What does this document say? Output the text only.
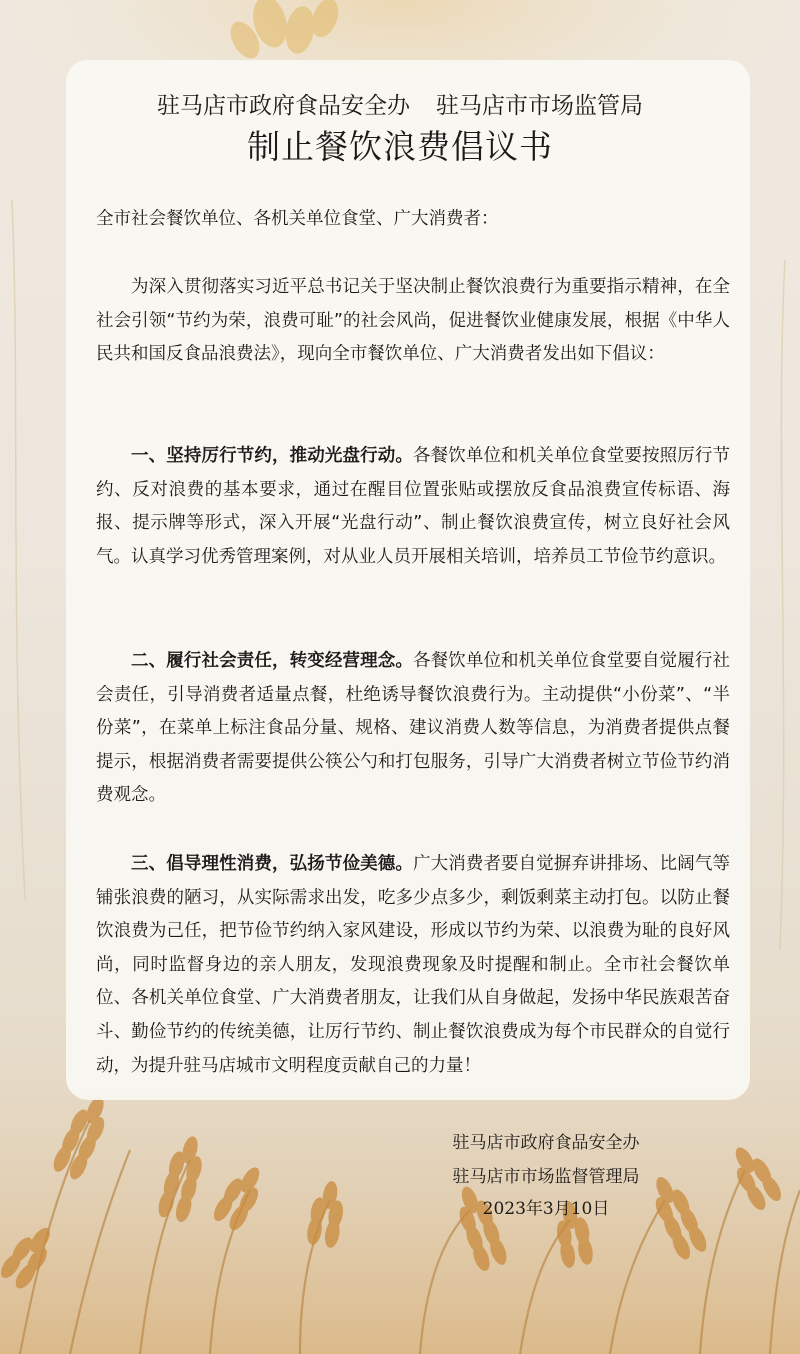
驻马店市政府食品安全办 驻马店市市场监管局
制止餐饮浪费倡议书

全市社会餐饮单位、各机关单位食堂、广大消费者：

为深入贯彻落实习近平总书记关于坚决制止餐饮浪费行为重要指示精神，在全社会引领“节约为荣，浪费可耻”的社会风尚，促进餐饮业健康发展，根据《中华人民共和国反食品浪费法》，现向全市餐饮单位、广大消费者发出如下倡议：

一、坚持厉行节约，推动光盘行动。各餐饮单位和机关单位食堂要按照厉行节约、反对浪费的基本要求，通过在醒目位置张贴或摆放反食品浪费宣传标语、海报、提示牌等形式，深入开展“光盘行动”、制止餐饮浪费宣传，树立良好社会风气。认真学习优秀管理案例，对从业人员开展相关培训，培养员工节俭节约意识。

二、履行社会责任，转变经营理念。各餐饮单位和机关单位食堂要自觉履行社会责任，引导消费者适量点餐，杜绝诱导餐饮浪费行为。主动提供“小份菜”、“半份菜”，在菜单上标注食品分量、规格、建议消费人数等信息，为消费者提供点餐提示，根据消费者需要提供公筷公勺和打包服务，引导广大消费者树立节俭节约消费观念。

三、倡导理性消费，弘扬节俭美德。广大消费者要自觉摒弃讲排场、比阔气等铺张浪费的陋习，从实际需求出发，吃多少点多少，剩饭剩菜主动打包。以防止餐饮浪费为己任，把节俭节约纳入家风建设，形成以节约为荣、以浪费为耻的良好风尚，同时监督身边的亲人朋友，发现浪费现象及时提醒和制止。全市社会餐饮单位、各机关单位食堂、广大消费者朋友，让我们从自身做起，发扬中华民族艰苦奋斗、勤俭节约的传统美德，让厉行节约、制止餐饮浪费成为每个市民群众的自觉行动，为提升驻马店城市文明程度贡献自己的力量！

驻马店市政府食品安全办

驻马店市市场监督管理局

2023年3月10日
